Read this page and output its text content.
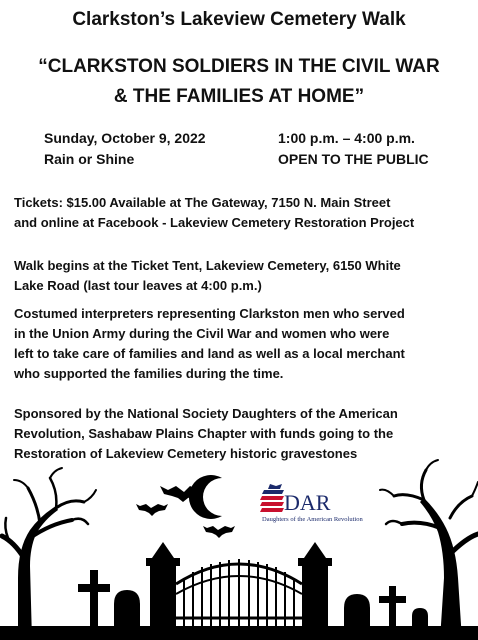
Clarkston’s Lakeview Cemetery Walk
“CLARKSTON SOLDIERS IN THE CIVIL WAR
& THE FAMILIES AT HOME”
Sunday, October 9, 2022
Rain or Shine
1:00 p.m. – 4:00 p.m.
OPEN TO THE PUBLIC
Tickets: $15.00 Available at The Gateway, 7150 N. Main Street
and online at Facebook - Lakeview Cemetery Restoration Project
Walk begins at the Ticket Tent, Lakeview Cemetery, 6150 White
Lake Road (last tour leaves at 4:00 p.m.)
Costumed interpreters representing Clarkston men who served
in the Union Army during the Civil War and women who were
left to take care of families and land as well as a local merchant
who supported the families during the time.
Sponsored by the National Society Daughters of the American
Revolution, Sashabaw Plains Chapter with funds going to the
Restoration of Lakeview Cemetery historic gravestones
DAR
Daughters of the American Revolution
